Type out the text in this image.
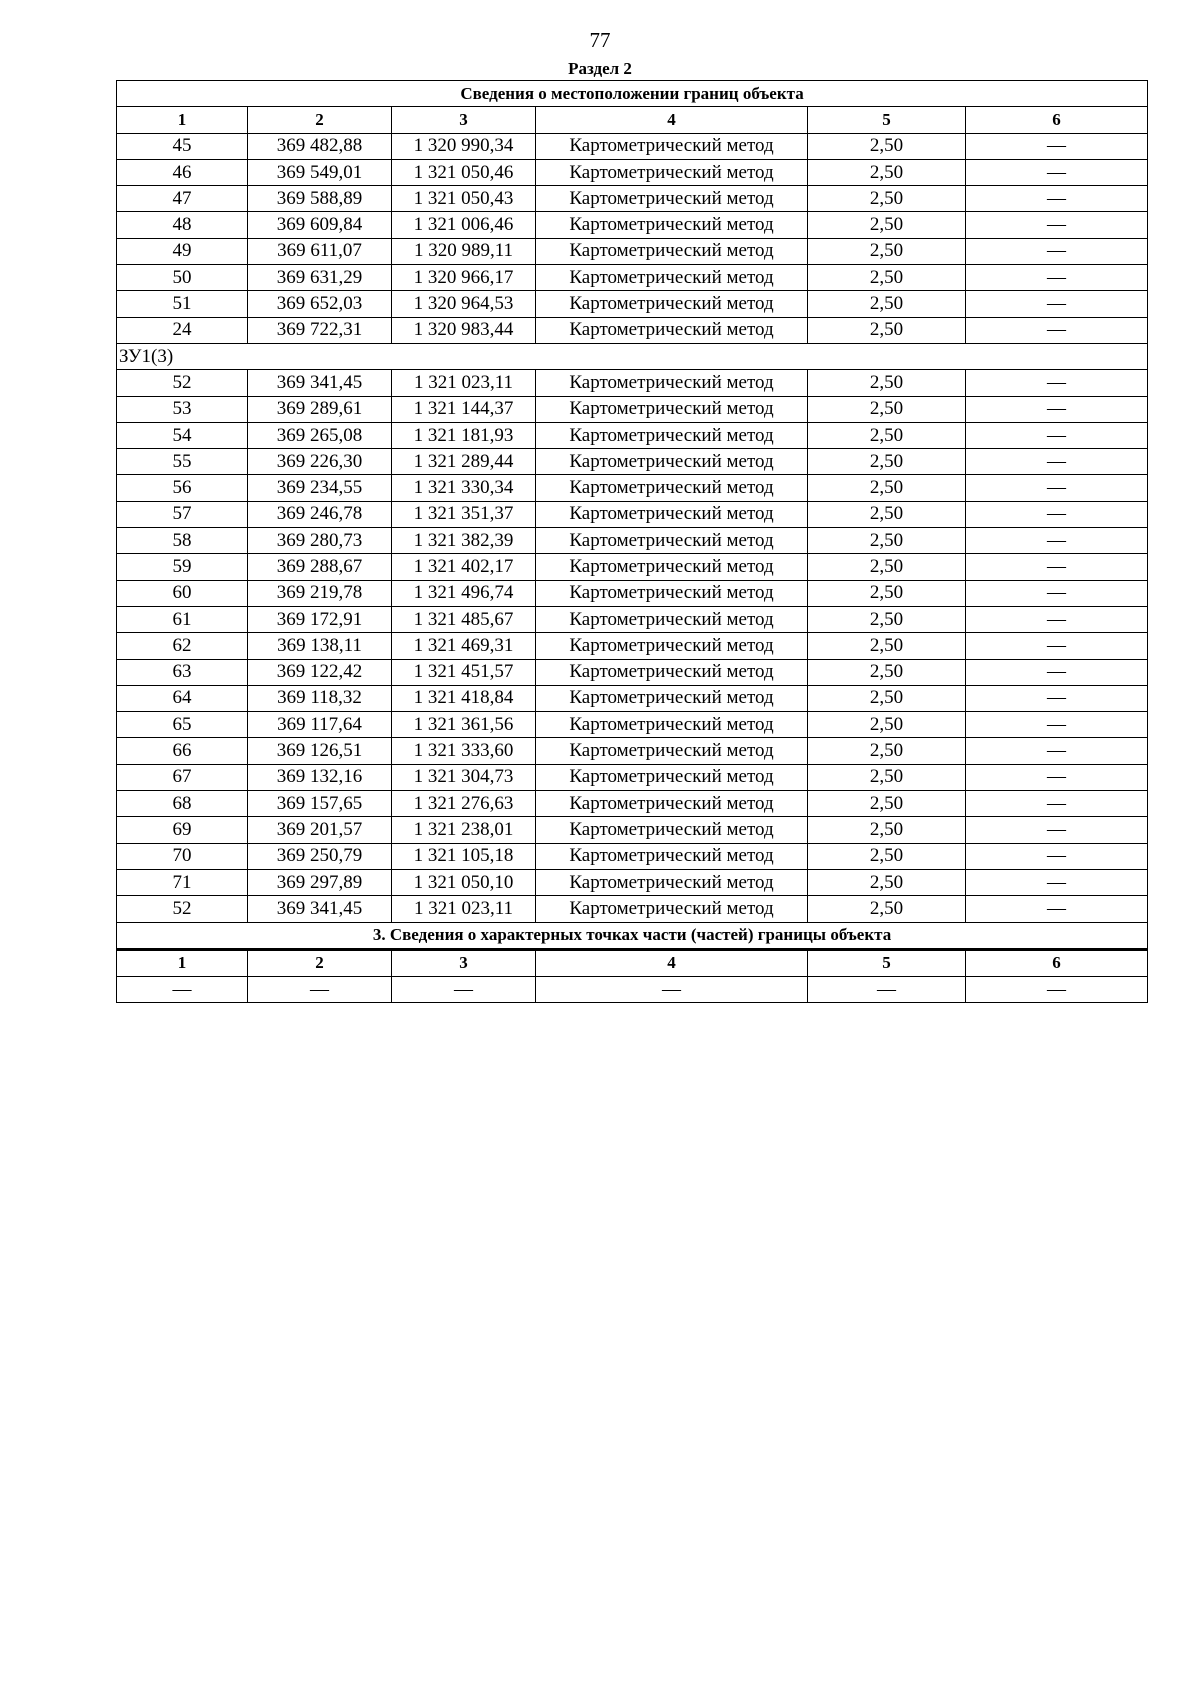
77
Раздел 2
Сведения о местоположении границ объекта					
1	2	3	4	5	6
45	369 482,88	1 320 990,34	Картометрический метод	2,50	—
46	369 549,01	1 321 050,46	Картометрический метод	2,50	—
47	369 588,89	1 321 050,43	Картометрический метод	2,50	—
48	369 609,84	1 321 006,46	Картометрический метод	2,50	—
49	369 611,07	1 320 989,11	Картометрический метод	2,50	—
50	369 631,29	1 320 966,17	Картометрический метод	2,50	—
51	369 652,03	1 320 964,53	Картометрический метод	2,50	—
24	369 722,31	1 320 983,44	Картометрический метод	2,50	—
ЗУ1(3)					
52	369 341,45	1 321 023,11	Картометрический метод	2,50	—
53	369 289,61	1 321 144,37	Картометрический метод	2,50	—
54	369 265,08	1 321 181,93	Картометрический метод	2,50	—
55	369 226,30	1 321 289,44	Картометрический метод	2,50	—
56	369 234,55	1 321 330,34	Картометрический метод	2,50	—
57	369 246,78	1 321 351,37	Картометрический метод	2,50	—
58	369 280,73	1 321 382,39	Картометрический метод	2,50	—
59	369 288,67	1 321 402,17	Картометрический метод	2,50	—
60	369 219,78	1 321 496,74	Картометрический метод	2,50	—
61	369 172,91	1 321 485,67	Картометрический метод	2,50	—
62	369 138,11	1 321 469,31	Картометрический метод	2,50	—
63	369 122,42	1 321 451,57	Картометрический метод	2,50	—
64	369 118,32	1 321 418,84	Картометрический метод	2,50	—
65	369 117,64	1 321 361,56	Картометрический метод	2,50	—
66	369 126,51	1 321 333,60	Картометрический метод	2,50	—
67	369 132,16	1 321 304,73	Картометрический метод	2,50	—
68	369 157,65	1 321 276,63	Картометрический метод	2,50	—
69	369 201,57	1 321 238,01	Картометрический метод	2,50	—
70	369 250,79	1 321 105,18	Картометрический метод	2,50	—
71	369 297,89	1 321 050,10	Картометрический метод	2,50	—
52	369 341,45	1 321 023,11	Картометрический метод	2,50	—
3. Сведения о характерных точках части (частей) границы объекта					
1	2	3	4	5	6
—	—	—	—	—	—
